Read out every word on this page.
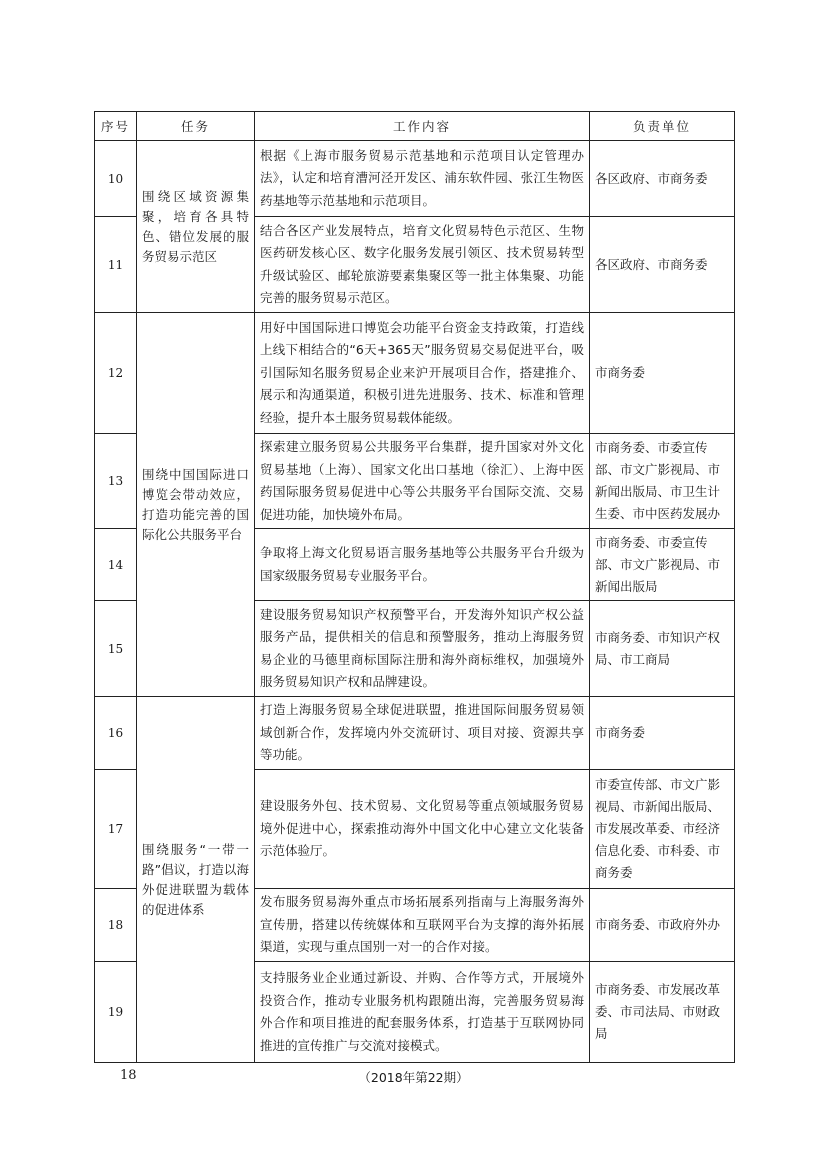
序号	任务	工作内容	负责单位
10	围绕区域资源集聚，培育各具特色、错位发展的服务贸易示范区	根据《上海市服务贸易示范基地和示范项目认定管理办法》，认定和培育漕河泾开发区、浦东软件园、张江生物医药基地等示范基地和示范项目。	各区政府、市商务委
11		结合各区产业发展特点，培育文化贸易特色示范区、生物医药研发核心区、数字化服务发展引领区、技术贸易转型升级试验区、邮轮旅游要素集聚区等一批主体集聚、功能完善的服务贸易示范区。	各区政府、市商务委
12	围绕中国国际进口博览会带动效应，打造功能完善的国际化公共服务平台	用好中国国际进口博览会功能平台资金支持政策，打造线上线下相结合的“6天+365天”服务贸易交易促进平台，吸引国际知名服务贸易企业来沪开展项目合作，搭建推介、展示和沟通渠道，积极引进先进服务、技术、标准和管理经验，提升本土服务贸易载体能级。	市商务委
13		探索建立服务贸易公共服务平台集群，提升国家对外文化贸易基地（上海）、国家文化出口基地（徐汇）、上海中医药国际服务贸易促进中心等公共服务平台国际交流、交易促进功能，加快境外布局。	市商务委、市委宣传部、市文广影视局、市新闻出版局、市卫生计生委、市中医药发展办
14		争取将上海文化贸易语言服务基地等公共服务平台升级为国家级服务贸易专业服务平台。	市商务委、市委宣传部、市文广影视局、市新闻出版局
15		建设服务贸易知识产权预警平台，开发海外知识产权公益服务产品，提供相关的信息和预警服务，推动上海服务贸易企业的马德里商标国际注册和海外商标维权，加强境外服务贸易知识产权和品牌建设。	市商务委、市知识产权局、市工商局
16	围绕服务“一带一路”倡议，打造以海外促进联盟为载体的促进体系	打造上海服务贸易全球促进联盟，推进国际间服务贸易领域创新合作，发挥境内外交流研讨、项目对接、资源共享等功能。	市商务委
17		建设服务外包、技术贸易、文化贸易等重点领域服务贸易境外促进中心，探索推动海外中国文化中心建立文化装备示范体验厅。	市委宣传部、市文广影视局、市新闻出版局、市发展改革委、市经济信息化委、市科委、市商务委
18		发布服务贸易海外重点市场拓展系列指南与上海服务海外宣传册，搭建以传统媒体和互联网平台为支撑的海外拓展渠道，实现与重点国别一对一的合作对接。	市商务委、市政府外办
19		支持服务业企业通过新设、并购、合作等方式，开展境外投资合作，推动专业服务机构跟随出海，完善服务贸易海外合作和项目推进的配套服务体系，打造基于互联网协同推进的宣传推广与交流对接模式。	市商务委、市发展改革委、市司法局、市财政局
18	（2018年第22期）
